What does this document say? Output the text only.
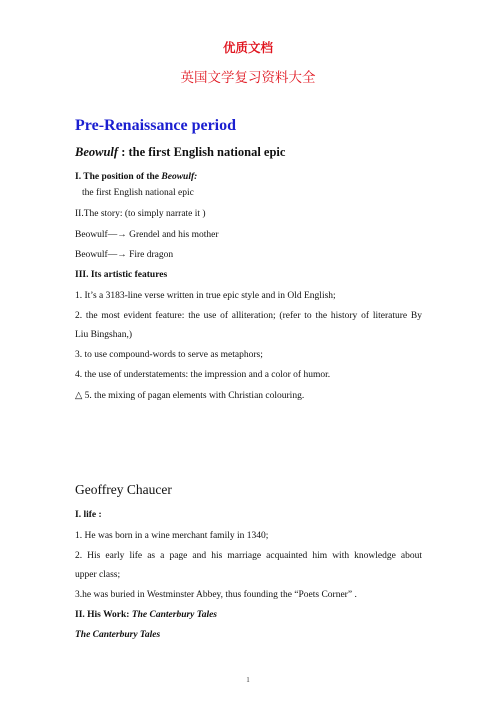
优质文档
英国文学复习资料大全
Pre-Renaissance period
Beowulf : the first English national epic
I. The position of the Beowulf:
the first English national epic
II.The story: (to simply narrate it )
Beowulf—→ Grendel and his mother
Beowulf—→ Fire dragon
III. Its artistic features
1. It’s a 3183-line verse written in true epic style and in Old English;
2. the most evident feature: the use of alliteration; (refer to the history of literature By
Liu Bingshan,)
3. to use compound-words to serve as metaphors;
4. the use of understatements: the impression and a color of humor.
△ 5. the mixing of pagan elements with Christian colouring.
Geoffrey Chaucer
I. life :
1. He was born in a wine merchant family in 1340;
2. His early life as a page and his marriage acquainted him with knowledge about
upper class;
3.he was buried in Westminster Abbey, thus founding the “Poets Corner” .
II. His Work: The Canterbury Tales
The Canterbury Tales
1
